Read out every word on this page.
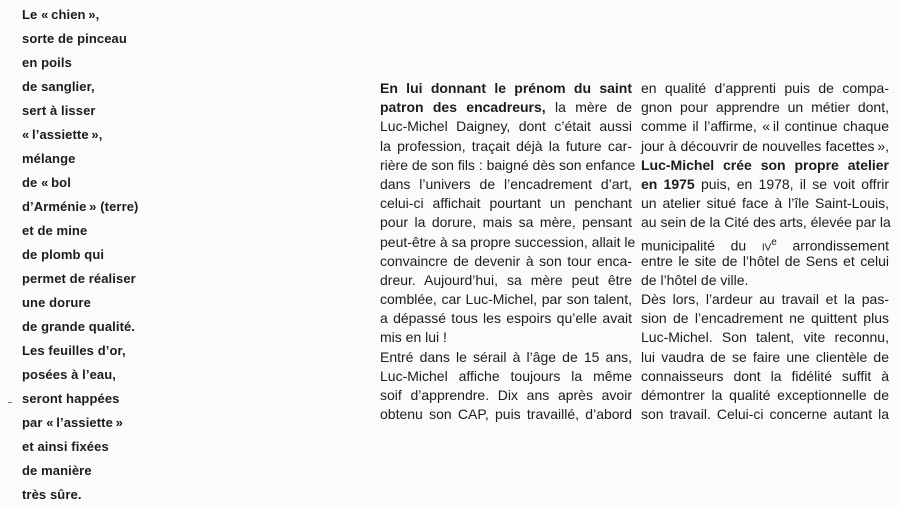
Le « chien »,
sorte de pinceau
en poils
de sanglier,
sert à lisser
« l’assiette »,
mélange
de « bol
d’Arménie » (terre)
et de mine
de plomb qui
permet de réaliser
une dorure
de grande qualité.
Les feuilles d’or,
posées à l’eau,
seront happées
par « l’assiette »
et ainsi fixées
de manière
très sûre.
En lui donnant le prénom du saint
patron des encadreurs, la mère de
Luc-Michel Daigney, dont c’était aussi
la profession, traçait déjà la future car-
rière de son fils : baigné dès son enfance
dans l’univers de l’encadrement d’art,
celui-ci affichait pourtant un penchant
pour la dorure, mais sa mère, pensant
peut-être à sa propre succession, allait le
convaincre de devenir à son tour enca-
dreur. Aujourd’hui, sa mère peut être
comblée, car Luc-Michel, par son talent,
a dépassé tous les espoirs qu’elle avait
mis en lui !
Entré dans le sérail à l’âge de 15 ans,
Luc-Michel affiche toujours la même
soif d’apprendre. Dix ans après avoir
obtenu son CAP, puis travaillé, d’abord
en qualité d’apprenti puis de compa-
gnon pour apprendre un métier dont,
comme il l’affirme, « il continue chaque
jour à découvrir de nouvelles facettes »,
Luc-Michel crée son propre atelier
en 1975 puis, en 1978, il se voit offrir
un atelier situé face à l’île Saint-Louis,
au sein de la Cité des arts, élevée par la
municipalité du IVe arrondissement
entre le site de l’hôtel de Sens et celui
de l’hôtel de ville.
Dès lors, l’ardeur au travail et la pas-
sion de l’encadrement ne quittent plus
Luc-Michel. Son talent, vite reconnu,
lui vaudra de se faire une clientèle de
connaisseurs dont la fidélité suffit à
démontrer la qualité exceptionnelle de
son travail. Celui-ci concerne autant la
